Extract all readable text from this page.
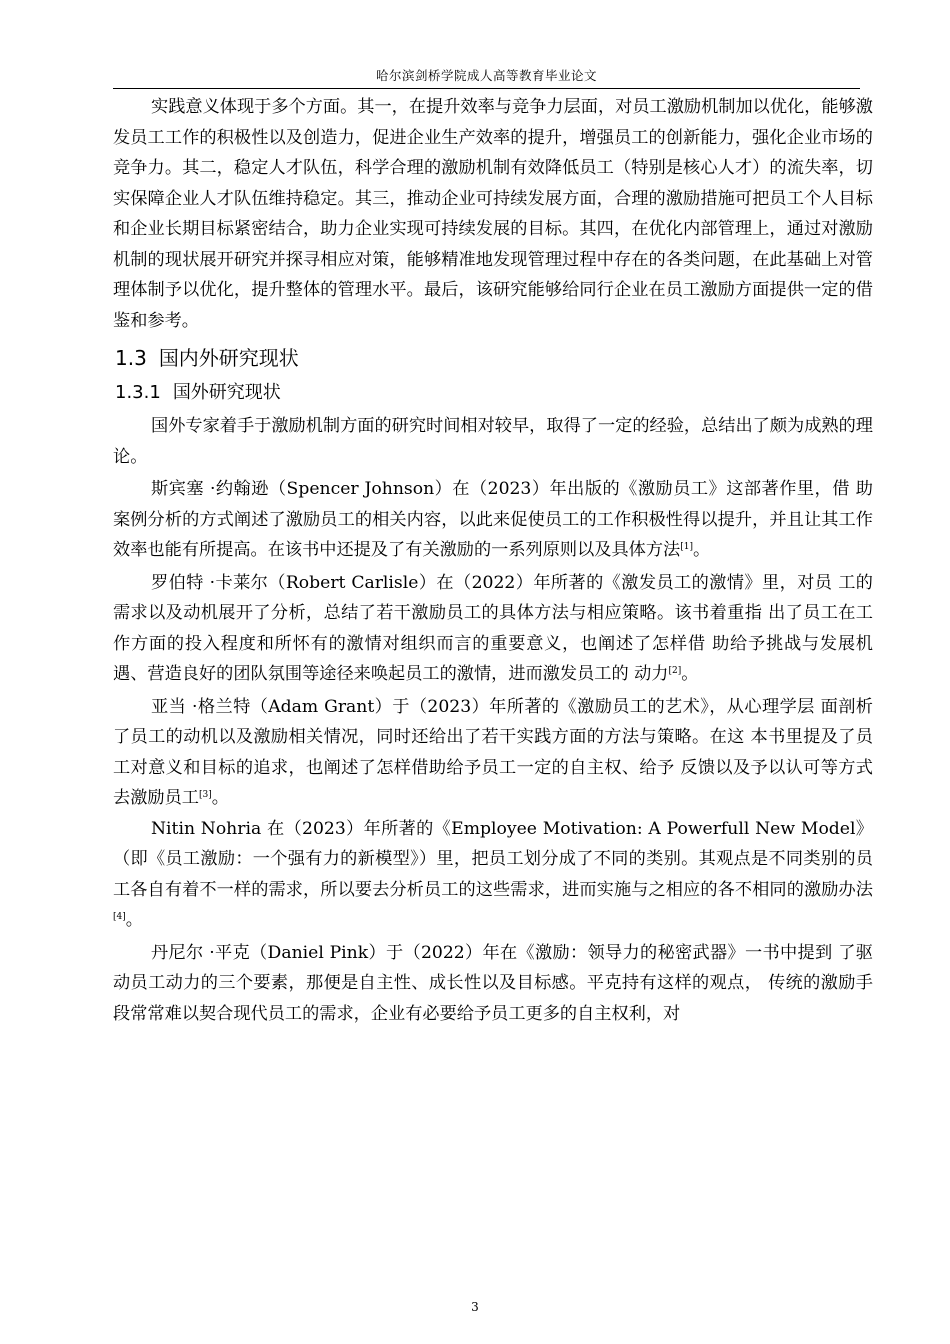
哈尔滨剑桥学院成人高等教育毕业论文

实践意义体现于多个方面。其一，在提升效率与竞争力层面，对员工激励机制加以优化，能够激发员工工作的积极性以及创造力，促进企业生产效率的提升，增强员工的创新能力，强化企业市场的竞争力。其二，稳定人才队伍，科学合理的激励机制有效降低员工（特别是核心人才）的流失率，切实保障企业人才队伍维持稳定。其三，推动企业可持续发展方面，合理的激励措施可把员工个人目标和企业长期目标紧密结合，助力企业实现可持续发展的目标。其四，在优化内部管理上，通过对激励机制的现状展开研究并探寻相应对策，能够精准地发现管理过程中存在的各类问题，在此基础上对管理体制予以优化，提升整体的管理水平。最后，该研究能够给同行企业在员工激励方面提供一定的借鉴和参考。

1.3 国内外研究现状
1.3.1 国外研究现状

国外专家着手于激励机制方面的研究时间相对较早，取得了一定的经验，总结出了颇为成熟的理论。

斯宾塞 ·约翰逊（Spencer Johnson）在（2023）年出版的《激励员工》这部著作里，借 助案例分析的方式阐述了激励员工的相关内容，以此来促使员工的工作积极性得以提升，并且让其工作效率也能有所提高。在该书中还提及了有关激励的一系列原则以及具体方法[1]。

罗伯特 ·卡莱尔（Robert Carlisle）在（2022）年所著的《激发员工的激情》里，对员 工的需求以及动机展开了分析，总结了若干激励员工的具体方法与相应策略。该书着重指 出了员工在工作方面的投入程度和所怀有的激情对组织而言的重要意义，也阐述了怎样借 助给予挑战与发展机遇、营造良好的团队氛围等途径来唤起员工的激情，进而激发员工的 动力[2]。

亚当 ·格兰特（Adam Grant）于（2023）年所著的《激励员工的艺术》，从心理学层 面剖析了员工的动机以及激励相关情况，同时还给出了若干实践方面的方法与策略。在这 本书里提及了员工对意义和目标的追求，也阐述了怎样借助给予员工一定的自主权、给予 反馈以及予以认可等方式去激励员工[3]。

Nitin Nohria 在（2023）年所著的《Employee Motivation: A Powerfull New Model》（即《员工激励：一个强有力的新模型》）里，把员工划分成了不同的类别。其观点是不同类别的员工各自有着不一样的需求，所以要去分析员工的这些需求，进而实施与之相应的各不相同的激励办法[4]。

丹尼尔 ·平克（Daniel Pink）于（2022）年在《激励：领导力的秘密武器》一书中提到 了驱动员工动力的三个要素，那便是自主性、成长性以及目标感。平克持有这样的观点， 传统的激励手段常常难以契合现代员工的需求，企业有必要给予员工更多的自主权利，对

3
